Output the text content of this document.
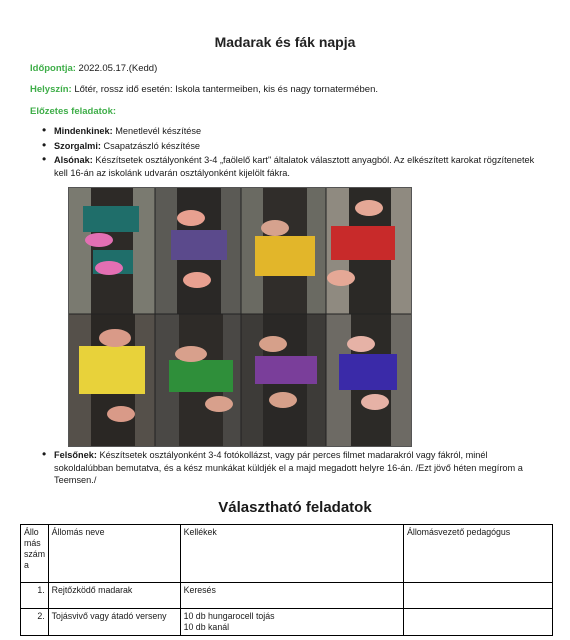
Madarak és fák napja
Időpontja: 2022.05.17.(Kedd)
Helyszín: Lőtér, rossz idő esetén: Iskola tantermeiben, kis és nagy tornatermében.
Előzetes feladatok:
• Mindenkinek: Menetlevél készítése
• Szorgalmi: Csapatzászló készítése
• Alsónak: Készítsetek osztályonként 3-4 „faölelő kart" általatok választott anyagból. Az elkészített karokat rögzítenetek kell 16-án az iskolánk udvarán osztályonként kijelölt fákra.
• Felsőnek: Készítsetek osztályonként 3-4 fotókollázst, vagy pár perces filmet madarakról vagy fákról, minél sokoldalúbban bemutatva, és a kész munkákat küldjék el a majd megadott helyre 16-án. /Ezt jövő héten megírom a Teemsen./
Választható feladatok
Állo más szám a	Állomás neve	Kellékek	Állomásvezető pedagógus
1.	Rejtőzködő madarak	Keresés	
2.	Tojásvivő vagy átadó verseny	10 db hungarocell tojás
10 db kanál	
